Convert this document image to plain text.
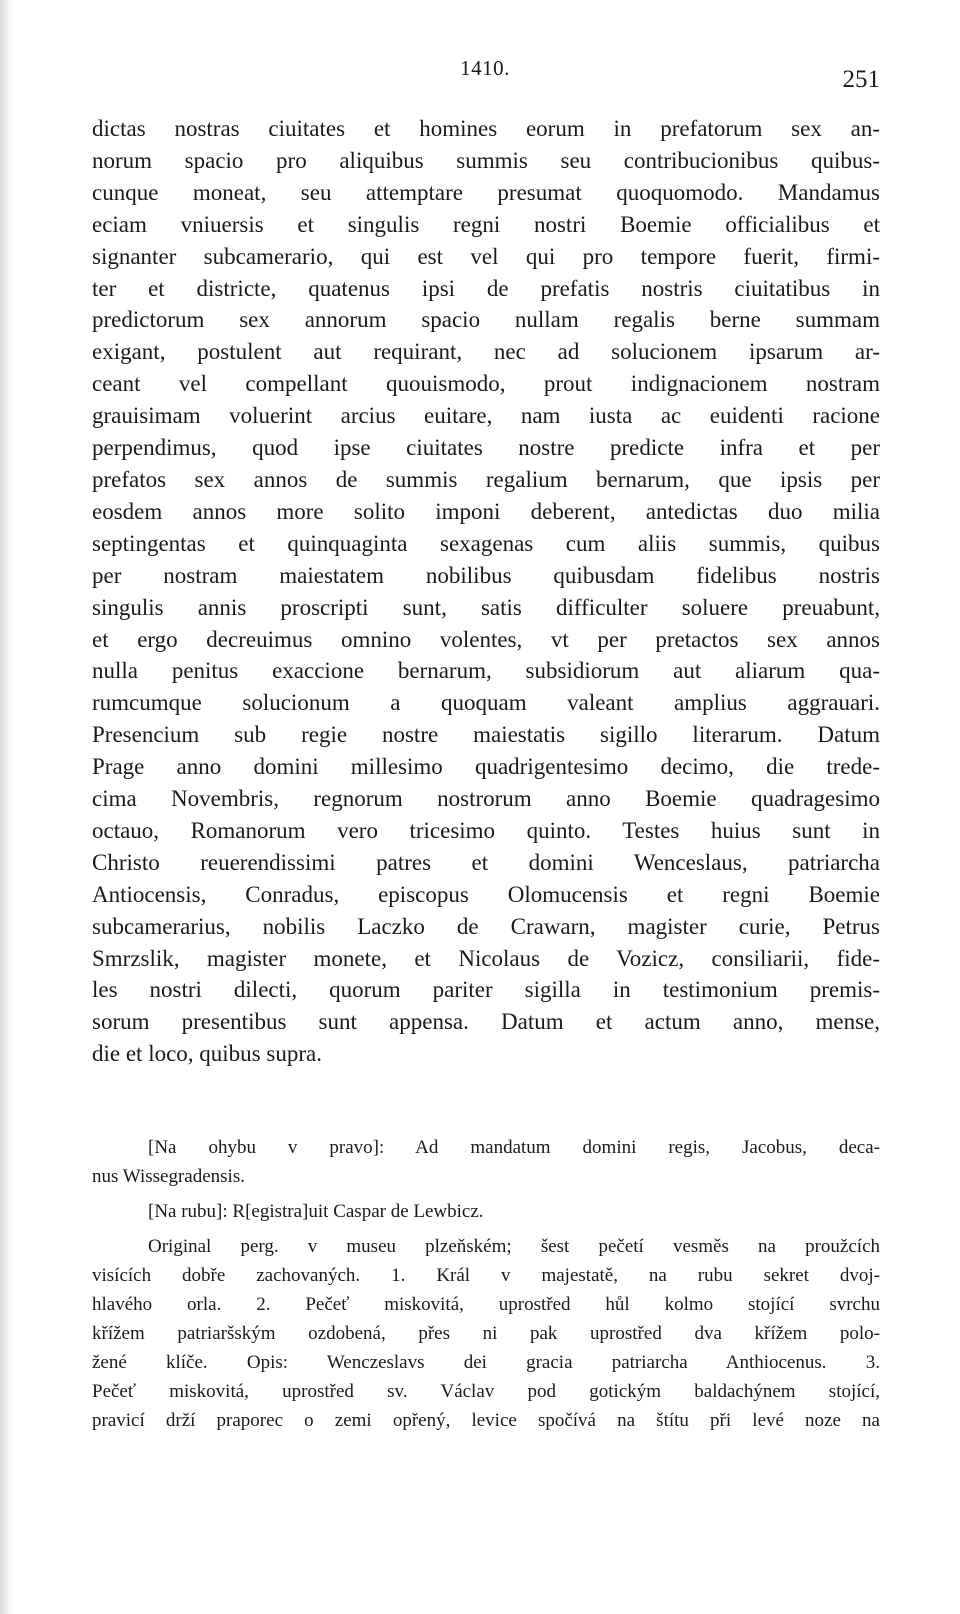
1410.	251
dictas nostras ciuitates et homines eorum in prefatorum sex an-
norum spacio pro aliquibus summis seu contribucionibus quibus-
cunque moneat, seu attemptare presumat quoquomodo. Mandamus
eciam vniuersis et singulis regni nostri Boemie officialibus et
signanter subcamerario, qui est vel qui pro tempore fuerit, firmi-
ter et districte, quatenus ipsi de prefatis nostris ciuitatibus in
predictorum sex annorum spacio nullam regalis berne summam
exigant, postulent aut requirant, nec ad solucionem ipsarum ar-
ceant vel compellant quouismodo, prout indignacionem nostram
grauisimam voluerint arcius euitare, nam iusta ac euidenti racione
perpendimus, quod ipse ciuitates nostre predicte infra et per
prefatos sex annos de summis regalium bernarum, que ipsis per
eosdem annos more solito imponi deberent, antedictas duo milia
septingentas et quinquaginta sexagenas cum aliis summis, quibus
per nostram maiestatem nobilibus quibusdam fidelibus nostris
singulis annis proscripti sunt, satis difficulter soluere preuabunt,
et ergo decreuimus omnino volentes, vt per pretactos sex annos
nulla penitus exaccione bernarum, subsidiorum aut aliarum qua-
rumcumque solucionum a quoquam valeant amplius aggrauari.
Presencium sub regie nostre maiestatis sigillo literarum. Datum
Prage anno domini millesimo quadrigentesimo decimo, die trede-
cima Novembris, regnorum nostrorum anno Boemie quadragesimo
octauo, Romanorum vero tricesimo quinto. Testes huius sunt in
Christo reuerendissimi patres et domini Wenceslaus, patriarcha
Antiocensis, Conradus, episcopus Olomucensis et regni Boemie
subcamerarius, nobilis Laczko de Crawarn, magister curie, Petrus
Smrzslik, magister monete, et Nicolaus de Vozicz, consiliarii, fide-
les nostri dilecti, quorum pariter sigilla in testimonium premis-
sorum presentibus sunt appensa. Datum et actum anno, mense,
die et loco, quibus supra.
[Na ohybu v pravo]: Ad mandatum domini regis, Jacobus, deca-
nus Wissegradensis.
[Na rubu]: R[egistra]uit Caspar de Lewbicz.
Original perg. v museu plzeňském; šest pečetí vesměs na proužcích
visících dobře zachovaných. 1. Král v majestatě, na rubu sekret dvoj-
hlavého orla. 2. Pečeť miskovitá, uprostřed hůl kolmo stojící svrchu
křížem patriaršským ozdobená, přes ni pak uprostřed dva křížem polo-
žené klíče. Opis: Wenczeslavs dei gracia patriarcha Anthiocenus. 3.
Pečeť miskovitá, uprostřed sv. Václav pod gotickým baldachýnem stojící,
pravicí drží praporec o zemi opřený, levice spočívá na štítu při levé noze na
